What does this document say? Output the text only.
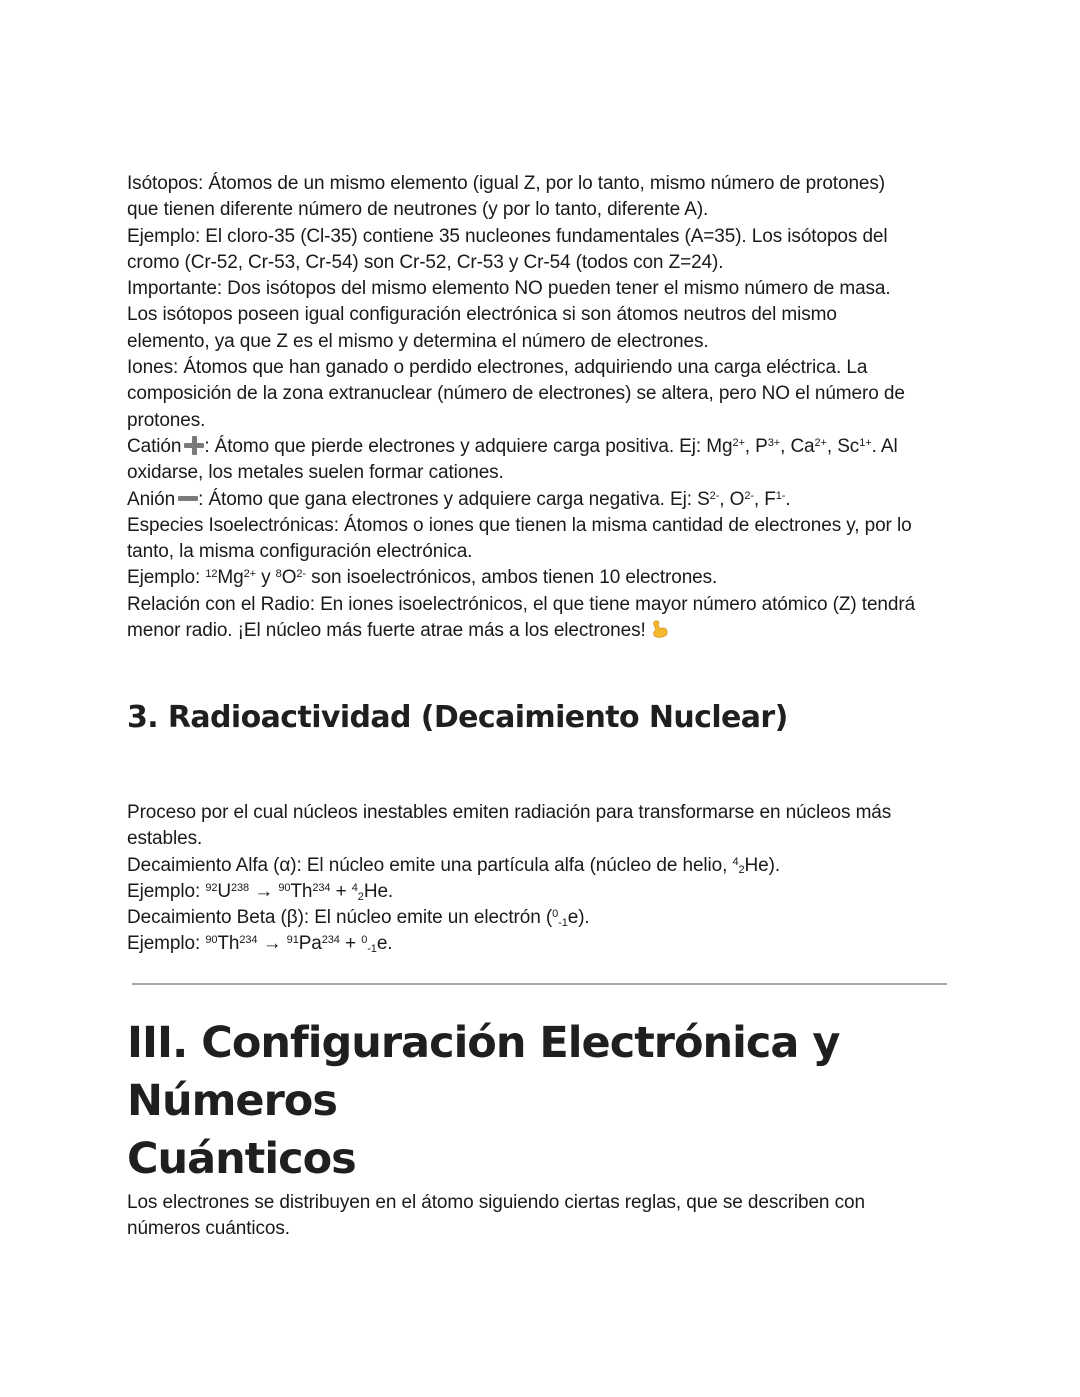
Isótopos: Átomos de un mismo elemento (igual Z, por lo tanto, mismo número de protones)
que tienen diferente número de neutrones (y por lo tanto, diferente A).
Ejemplo: El cloro-35 (Cl-35) contiene 35 nucleones fundamentales (A=35). Los isótopos del
cromo (Cr-52, Cr-53, Cr-54) son Cr-52, Cr-53 y Cr-54 (todos con Z=24).
Importante: Dos isótopos del mismo elemento NO pueden tener el mismo número de masa.
Los isótopos poseen igual configuración electrónica si son átomos neutros del mismo
elemento, ya que Z es el mismo y determina el número de electrones.
Iones: Átomos que han ganado o perdido electrones, adquiriendo una carga eléctrica. La
composición de la zona extranuclear (número de electrones) se altera, pero NO el número de
protones.
Catión : Átomo que pierde electrones y adquiere carga positiva. Ej: $Mg^{2+}$, $P^{3+}$, $Ca^{2+}$, $Sc^{1+}$. Al
oxidarse, los metales suelen formar cationes.
Anión : Átomo que gana electrones y adquiere carga negativa. Ej: $S^{2-}$, $O^{2-}$, $F^{1-}$.
Especies Isoelectrónicas: Átomos o iones que tienen la misma cantidad de electrones y, por lo
tanto, la misma configuración electrónica.
Ejemplo: $^{12}Mg^{2+}$ y $^8O^{2-}$ son isoelectrónicos, ambos tienen 10 electrones.
Relación con el Radio: En iones isoelectrónicos, el que tiene mayor número atómico (Z) tendrá
menor radio. ¡El núcleo más fuerte atrae más a los electrones!

3. Radioactividad (Decaimiento Nuclear)

Proceso por el cual núcleos inestables emiten radiación para transformarse en núcleos más
estables.
Decaimiento Alfa (α): El núcleo emite una partícula alfa (núcleo de helio, $^4_2$He).
Ejemplo: $^{92}U^{238} \to ^{90}Th^{234} + ^4_2He$.
Decaimiento Beta (β): El núcleo emite un electrón ($^0_{-1}$e).
Ejemplo: $^{90}Th^{234} \to ^{91}Pa^{234} + ^0_{-1}e$.

III. Configuración Electrónica y Números
Cuánticos

Los electrones se distribuyen en el átomo siguiendo ciertas reglas, que se describen con
números cuánticos.
